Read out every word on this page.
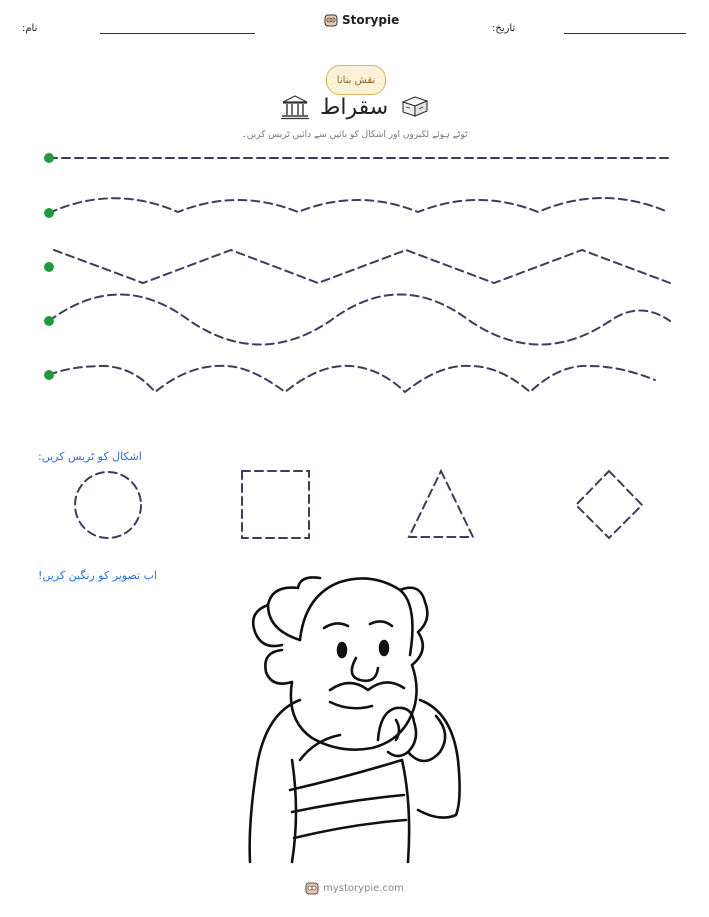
نام:
Storypie
تاریخ:
نقش بنانا
سقراط
ٹوٹے ہوئے لکیروں اور اشکال کو بائیں سے دائیں ٹریس کریں۔
اشکال کو ٹریس کریں:
اب تصویر کو رنگین کریں!
mystorypie.com
